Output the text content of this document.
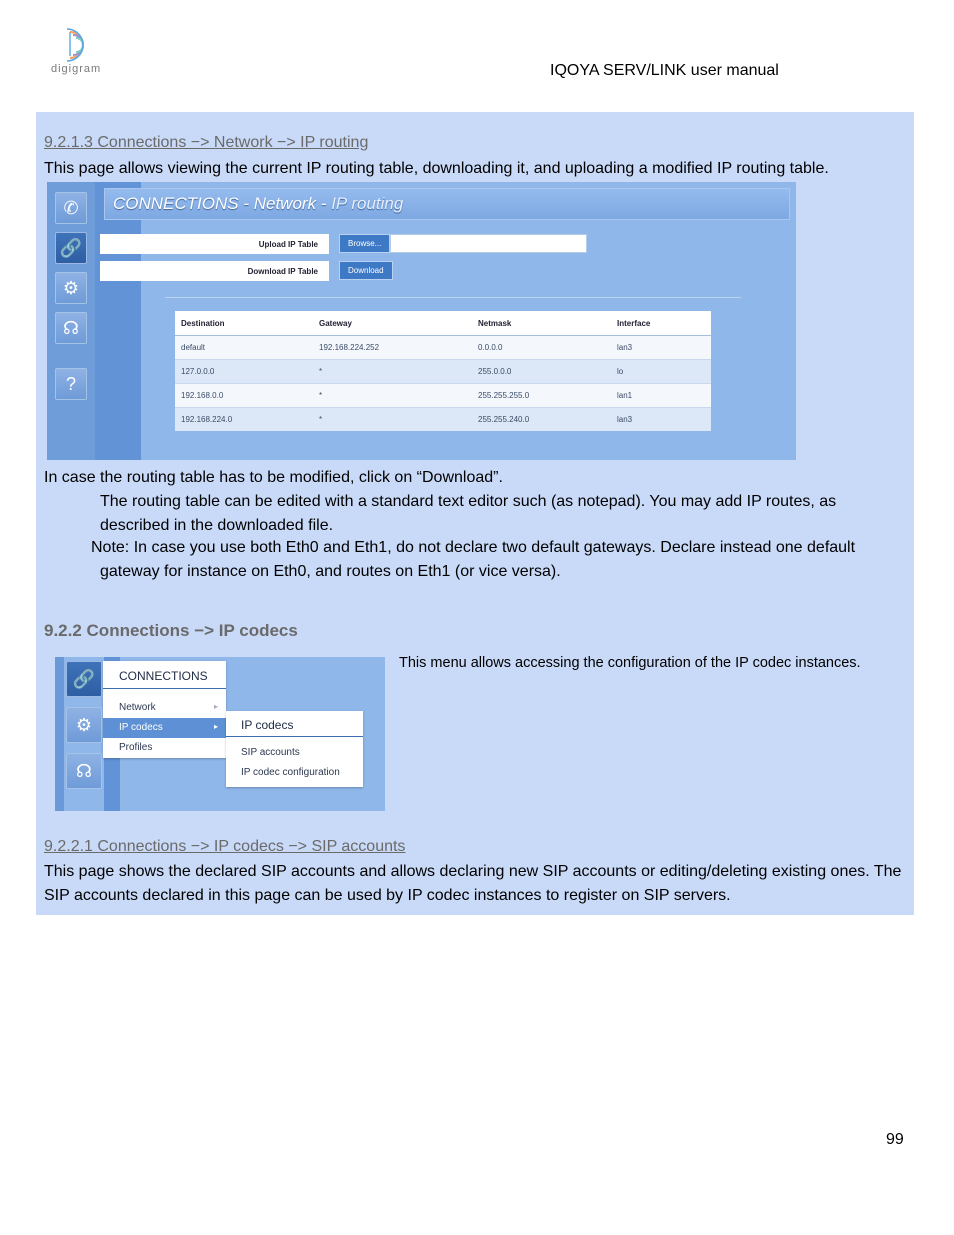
digigram	IQOYA SERV/LINK user manual
9.2.1.3 Connections −> Network −> IP routing
This page allows viewing the current IP routing table, downloading it, and uploading a modified IP routing table.
✆
🔗
⚙
☊
?
CONNECTIONS - Network - IP routing
Upload IP Table	Browse...
Download IP Table	Download
Destination	Gateway	Netmask	Interface
default	192.168.224.252	0.0.0.0	lan3
127.0.0.0	*	255.0.0.0	lo
192.168.0.0	*	255.255.255.0	lan1
192.168.224.0	*	255.255.240.0	lan3
In case the routing table has to be modified, click on “Download”.
The routing table can be edited with a standard text editor such (as notepad). You may add IP routes, as described in the downloaded file.
Note: In case you use both Eth0 and Eth1, do not declare two default gateways. Declare instead one default gateway for instance on Eth0, and routes on Eth1 (or vice versa).
9.2.2 Connections −> IP codecs
🔗
⚙
☊
CONNECTIONS
Network	▸
IP codecs	▸
Profiles
IP codecs
SIP accounts
IP codec configuration
This menu allows accessing the configuration of the IP codec instances.
9.2.2.1 Connections −> IP codecs −> SIP accounts
This page shows the declared SIP accounts and allows declaring new SIP accounts or editing/deleting existing ones. The SIP accounts declared in this page can be used by IP codec instances to register on SIP servers.
99
